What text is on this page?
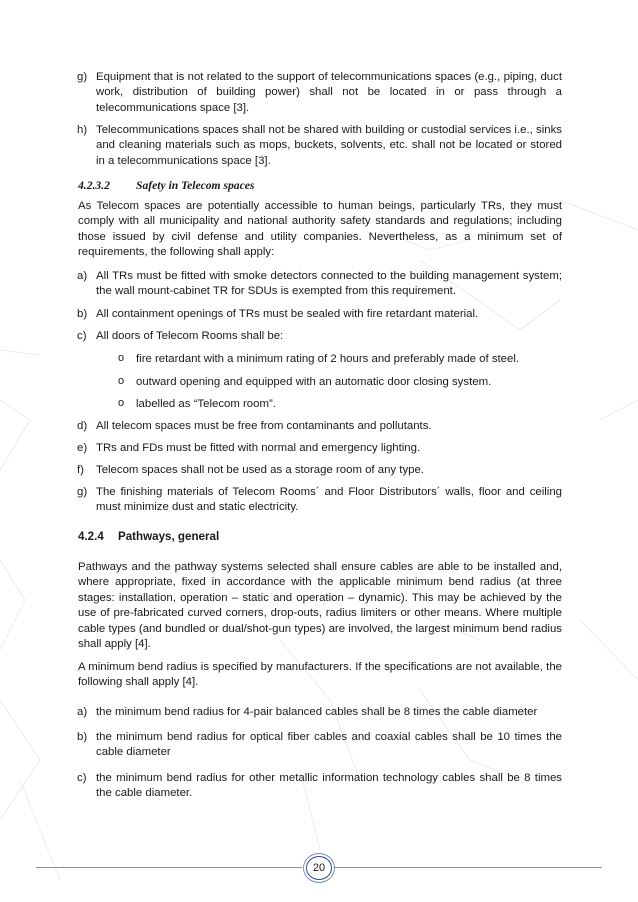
g) Equipment that is not related to the support of telecommunications spaces (e.g., piping, duct work, distribution of building power) shall not be located in or pass through a telecommunications space [3].
h) Telecommunications spaces shall not be shared with building or custodial services i.e., sinks and cleaning materials such as mops, buckets, solvents, etc. shall not be located or stored in a telecommunications space [3].
4.2.3.2 Safety in Telecom spaces
As Telecom spaces are potentially accessible to human beings, particularly TRs, they must comply with all municipality and national authority safety standards and regulations; including those issued by civil defense and utility companies. Nevertheless, as a minimum set of requirements, the following shall apply:
a) All TRs must be fitted with smoke detectors connected to the building management system; the wall mount-cabinet TR for SDUs is exempted from this requirement.
b) All containment openings of TRs must be sealed with fire retardant material.
c) All doors of Telecom Rooms shall be:
o fire retardant with a minimum rating of 2 hours and preferably made of steel.
o outward opening and equipped with an automatic door closing system.
o labelled as “Telecom room”.
d) All telecom spaces must be free from contaminants and pollutants.
e) TRs and FDs must be fitted with normal and emergency lighting.
f) Telecom spaces shall not be used as a storage room of any type.
g) The finishing materials of Telecom Rooms´ and Floor Distributors´ walls, floor and ceiling must minimize dust and static electricity.
4.2.4 Pathways, general
Pathways and the pathway systems selected shall ensure cables are able to be installed and, where appropriate, fixed in accordance with the applicable minimum bend radius (at three stages: installation, operation – static and operation – dynamic). This may be achieved by the use of pre-fabricated curved corners, drop-outs, radius limiters or other means. Where multiple cable types (and bundled or dual/shot-gun types) are involved, the largest minimum bend radius shall apply [4].
A minimum bend radius is specified by manufacturers. If the specifications are not available, the following shall apply [4].
a) the minimum bend radius for 4-pair balanced cables shall be 8 times the cable diameter
b) the minimum bend radius for optical fiber cables and coaxial cables shall be 10 times the cable diameter
c) the minimum bend radius for other metallic information technology cables shall be 8 times the cable diameter.
20
